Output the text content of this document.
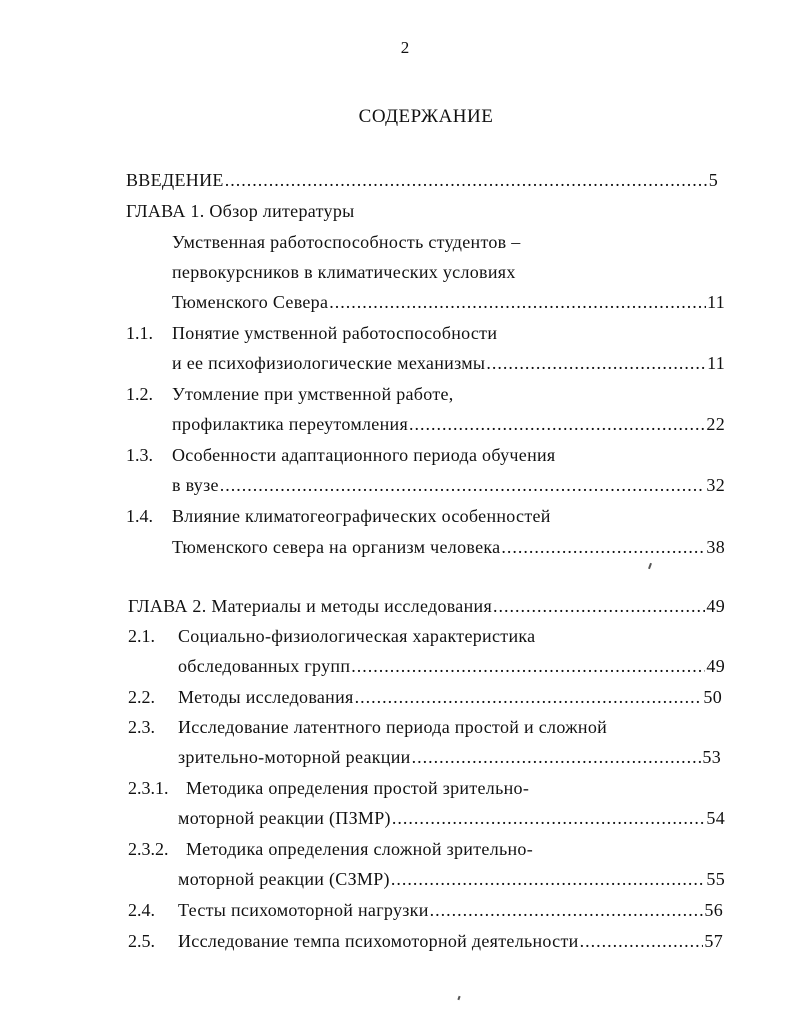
2
СОДЕРЖАНИЕ
ВВЕДЕНИЕ .....	5
ГЛАВА 1. Обзор литературы
Умственная работоспособность студентов –
первокурсников в климатических условиях
Тюменского Севера .....	11
1.1. Понятие умственной работоспособности
и ее психофизиологические механизмы .....	11
1.2. Утомление при умственной работе,
профилактика переутомления .....	22
1.3. Особенности адаптационного периода обучения
в вузе .....	32
1.4. Влияние климатогеографических особенностей
Тюменского севера на организм человека .....	38
ГЛАВА 2. Материалы и методы исследования .....	49
2.1. Социально-физиологическая характеристика
обследованных групп .....	49
2.2. Методы исследования .....	50
2.3. Исследование латентного периода простой и сложной
зрительно-моторной реакции .....	53
2.3.1. Методика определения простой зрительно-
моторной реакции (ПЗМР) .....	54
2.3.2. Методика определения сложной зрительно-
моторной реакции (СЗМР) .....	55
2.4. Тесты психомоторной нагрузки .....	56
2.5. Исследование темпа психомоторной деятельности .....	57
